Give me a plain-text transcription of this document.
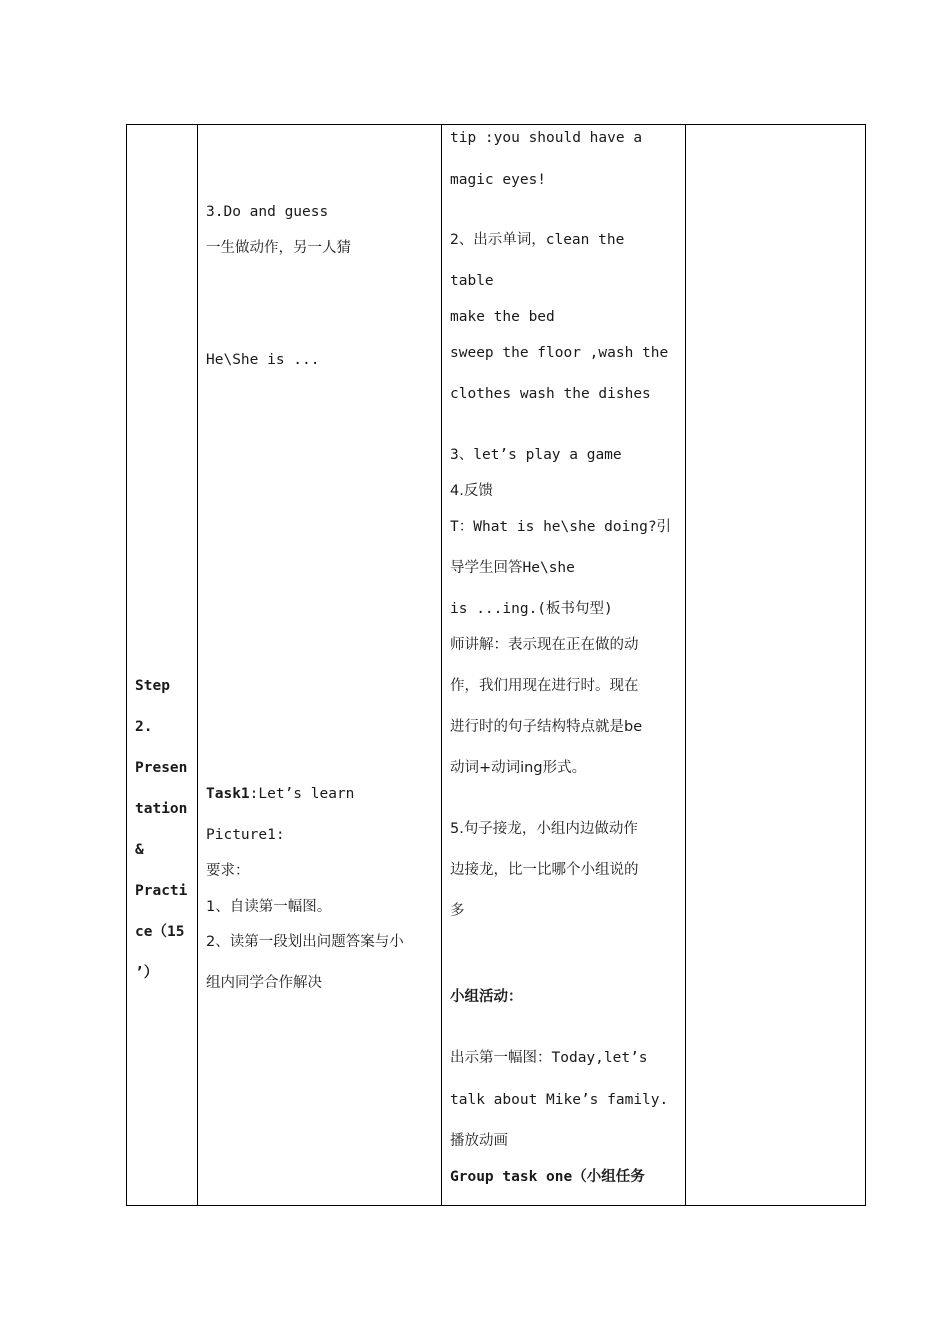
Step
2.
Presen
tation
&
Practi
ce（15
’）
3.Do and guess
一生做动作，另一人猜
He\She is ...
Task1:Let’s learn
Picture1:
要求：
1、自读第一幅图。
2、读第一段划出问题答案与小
组内同学合作解决
tip :you should have a
magic eyes!
2、出示单词，clean the
table
make the bed
sweep the floor ,wash the
clothes wash the dishes
3、let’s play a game
4.反馈
T：What is he\she doing?引
导学生回答He\she
is ...ing.(板书句型)
师讲解：表示现在正在做的动
作，我们用现在进行时。现在
进行时的句子结构特点就是be
动词+动词ing形式。
5.句子接龙，小组内边做动作
边接龙，比一比哪个小组说的
多
小组活动：
出示第一幅图：Today,let’s
talk about Mike’s family.
播放动画
Group task one（小组任务
